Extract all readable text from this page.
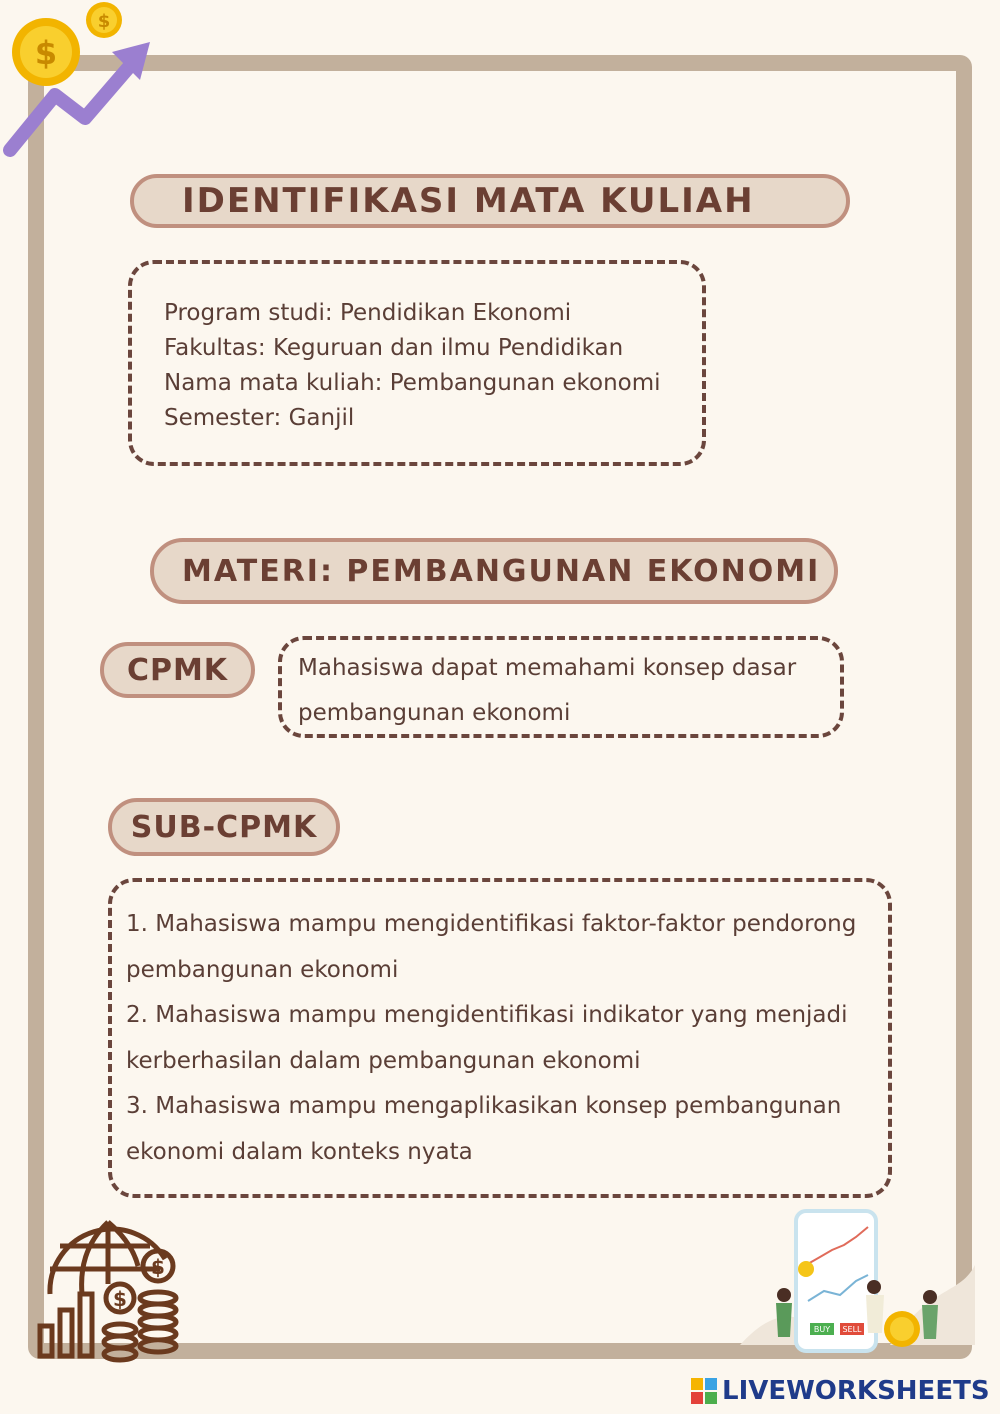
$
$
IDENTIFIKASI MATA KULIAH
Program studi: Pendidikan Ekonomi
Fakultas: Keguruan dan ilmu Pendidikan
Nama mata kuliah: Pembangunan ekonomi
Semester: Ganjil
MATERI: PEMBANGUNAN EKONOMI
CPMK	Mahasiswa dapat memahami konsep dasar
pembangunan ekonomi
SUB-CPMK
1. Mahasiswa mampu mengidentifikasi faktor-faktor pendorong
pembangunan ekonomi
2. Mahasiswa mampu mengidentifikasi indikator yang menjadi
kerberhasilan dalam pembangunan ekonomi
3. Mahasiswa mampu mengaplikasikan konsep pembangunan
ekonomi dalam konteks nyata
$
$
BUY SELL
LIVEWORKSHEETS
